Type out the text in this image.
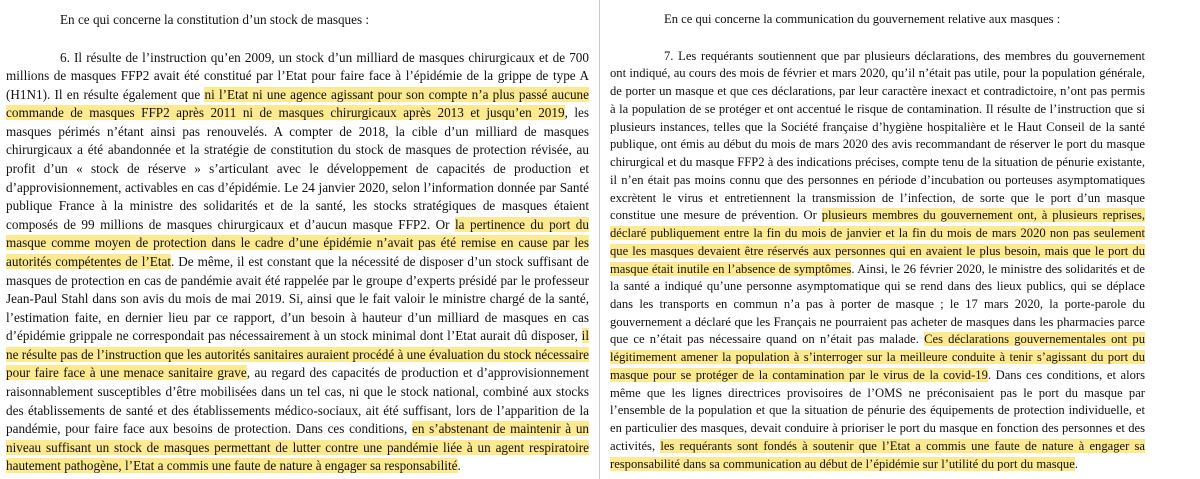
En ce qui concerne la constitution d’un stock de masques :

6. Il résulte de l’instruction qu’en 2009, un stock d’un milliard de masques chirurgicaux et de 700 millions de masques FFP2 avait été constitué par l’Etat pour faire face à l’épidémie de la grippe de type A (H1N1). Il en résulte également que ni l’Etat ni une agence agissant pour son compte n’a plus passé aucune commande de masques FFP2 après 2011 ni de masques chirurgicaux après 2013 et jusqu’en 2019, les masques périmés n’étant ainsi pas renouvelés. A compter de 2018, la cible d’un milliard de masques chirurgicaux a été abandonnée et la stratégie de constitution du stock de masques de protection révisée, au profit d’un « stock de réserve » s’articulant avec le développement de capacités de production et d’approvisionnement, activables en cas d’épidémie. Le 24 janvier 2020, selon l’information donnée par Santé publique France à la ministre des solidarités et de la santé, les stocks stratégiques de masques étaient composés de 99 millions de masques chirurgicaux et d’aucun masque FFP2. Or la pertinence du port du masque comme moyen de protection dans le cadre d’une épidémie n’avait pas été remise en cause par les autorités compétentes de l’Etat. De même, il est constant que la nécessité de disposer d’un stock suffisant de masques de protection en cas de pandémie avait été rappelée par le groupe d’experts présidé par le professeur Jean-Paul Stahl dans son avis du mois de mai 2019. Si, ainsi que le fait valoir le ministre chargé de la santé, l’estimation faite, en dernier lieu par ce rapport, d’un besoin à hauteur d’un milliard de masques en cas d’épidémie grippale ne correspondait pas nécessairement à un stock minimal dont l’Etat aurait dû disposer, il ne résulte pas de l’instruction que les autorités sanitaires auraient procédé à une évaluation du stock nécessaire pour faire face à une menace sanitaire grave, au regard des capacités de production et d’approvisionnement raisonnablement susceptibles d’être mobilisées dans un tel cas, ni que le stock national, combiné aux stocks des établissements de santé et des établissements médico-sociaux, ait été suffisant, lors de l’apparition de la pandémie, pour faire face aux besoins de protection. Dans ces conditions, en s’abstenant de maintenir à un niveau suffisant un stock de masques permettant de lutter contre une pandémie liée à un agent respiratoire hautement pathogène, l’Etat a commis une faute de nature à engager sa responsabilité.

En ce qui concerne la communication du gouvernement relative aux masques :

7. Les requérants soutiennent que par plusieurs déclarations, des membres du gouvernement ont indiqué, au cours des mois de février et mars 2020, qu’il n’était pas utile, pour la population générale, de porter un masque et que ces déclarations, par leur caractère inexact et contradictoire, n’ont pas permis à la population de se protéger et ont accentué le risque de contamination. Il résulte de l’instruction que si plusieurs instances, telles que la Société française d’hygiène hospitalière et le Haut Conseil de la santé publique, ont émis au début du mois de mars 2020 des avis recommandant de réserver le port du masque chirurgical et du masque FFP2 à des indications précises, compte tenu de la situation de pénurie existante, il n’en était pas moins connu que des personnes en période d’incubation ou porteuses asymptomatiques excrètent le virus et entretiennent la transmission de l’infection, de sorte que le port d’un masque constitue une mesure de prévention. Or plusieurs membres du gouvernement ont, à plusieurs reprises, déclaré publiquement entre la fin du mois de janvier et la fin du mois de mars 2020 non pas seulement que les masques devaient être réservés aux personnes qui en avaient le plus besoin, mais que le port du masque était inutile en l’absence de symptômes. Ainsi, le 26 février 2020, le ministre des solidarités et de la santé a indiqué qu’une personne asymptomatique qui se rend dans des lieux publics, qui se déplace dans les transports en commun n’a pas à porter de masque ; le 17 mars 2020, la porte-parole du gouvernement a déclaré que les Français ne pourraient pas acheter de masques dans les pharmacies parce que ce n’était pas nécessaire quand on n’était pas malade. Ces déclarations gouvernementales ont pu légitimement amener la population à s’interroger sur la meilleure conduite à tenir s’agissant du port du masque pour se protéger de la contamination par le virus de la covid-19. Dans ces conditions, et alors même que les lignes directrices provisoires de l’OMS ne préconisaient pas le port du masque par l’ensemble de la population et que la situation de pénurie des équipements de protection individuelle, et en particulier des masques, devait conduire à prioriser le port du masque en fonction des personnes et des activités, les requérants sont fondés à soutenir que l’Etat a commis une faute de nature à engager sa responsabilité dans sa communication au début de l’épidémie sur l’utilité du port du masque.
